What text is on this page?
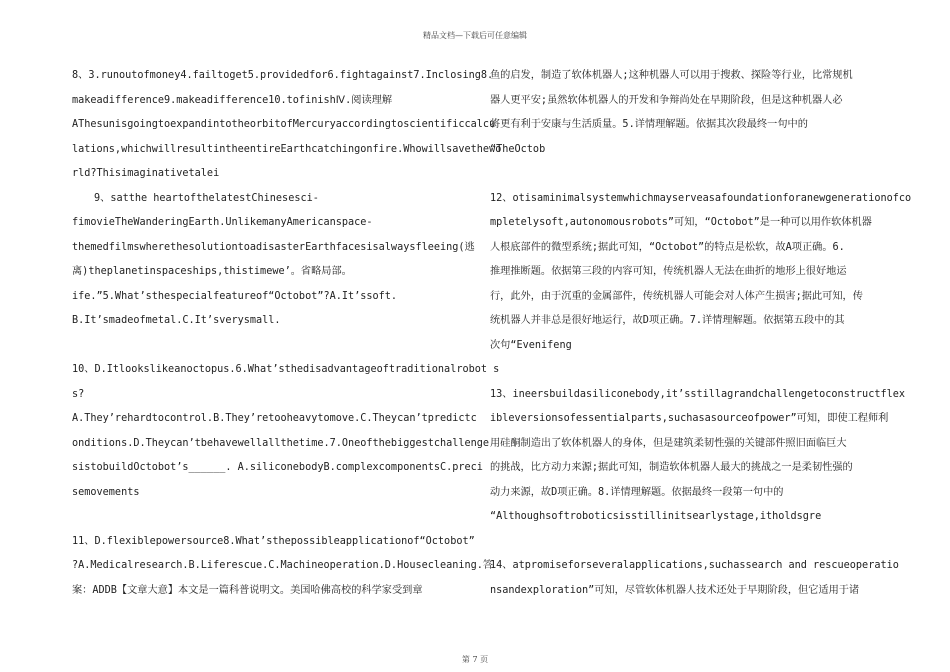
精品文档—下载后可任意编辑
8、3.runoutofmoney4.failtoget5.providedfor6.fightagainst7.Inclosing8.
makeadifference9.makeadifference10.tofinishⅣ.阅读理解
AThesunisgoingtoexpandintotheorbitofMercuryaccordingtoscientificcalcu
lations,whichwillresultintheentireEarthcatchingonfire.Whowillsavethewo
rld?Thisimaginativetalei
9、satthe heartofthelatestChinesesci-
fimovieTheWanderingEarth.UnlikemanyAmericanspace-
themedfilmswherethesolutiontoadisasterEarthfacesisalwaysfleeing(逃
离)theplanetinspaceships,thistimewe’。省略局部。
ife.”5.What’sthespecialfeatureof“Octobot”?A.It’ssoft.
B.It’smadeofmetal.C.It’sverysmall.
10、D.Itlookslikeanoctopus.6.What’sthedisadvantageoftraditionalrobot s
s?
A.They’rehardtocontrol.B.They’retooheavytomove.C.Theycan’tpredictc
onditions.D.Theycan’tbehavewellallthetime.7.Oneofthebiggestchallenge
sistobuildOctobot’s______. A.siliconebodyB.complexcomponentsC.preci
semovements
11、D.flexiblepowersource8.What’sthepossibleapplicationof“Octobot”
?A.Medicalresearch.B.Liferescue.C.Machineoperation.D.Housecleaning.答
案：ADDB【文章大意】本文是一篇科普说明文。美国哈佛高校的科学家受到章
鱼的启发，制造了软体机器人;这种机器人可以用于搜救、探险等行业，比常规机
器人更平安;虽然软体机器人的开发和争辩尚处在早期阶段，但是这种机器人必
将更有利于安康与生活质量。5.详情理解题。依据其次段最终一句中的
“TheOctob
12、otisaminimalsystemwhichmayserveasafoundationforanewgenerationofco
mpletelysoft,autonomousrobots”可知，“Octobot”是一种可以用作软体机器
人根底部件的微型系统;据此可知，“Octobot”的特点是松软，故A项正确。6.
推理推断题。依据第三段的内容可知，传统机器人无法在曲折的地形上很好地运
行，此外，由于沉重的金属部件，传统机器人可能会对人体产生损害;据此可知，传
统机器人并非总是很好地运行，故D项正确。7.详情理解题。依据第五段中的其
次句“Evenifeng
13、ineersbuildasiliconebody,it’sstillagrandchallengetoconstructflex
ibleversionsofessentialparts,suchasasourceofpower”可知，即使工程师利
用硅酮制造出了软体机器人的身体，但是建筑柔韧性强的关键部件照旧面临巨大
的挑战，比方动力来源;据此可知，制造软体机器人最大的挑战之一是柔韧性强的
动力来源，故D项正确。8.详情理解题。依据最终一段第一句中的
“Althoughsoftroboticsisstillinitsearlystage,itholdsgre
14、atpromiseforseveralapplications,suchassearch and rescueoperatio
nsandexploration”可知，尽管软体机器人技术还处于早期阶段，但它适用于诸
第 7 页
